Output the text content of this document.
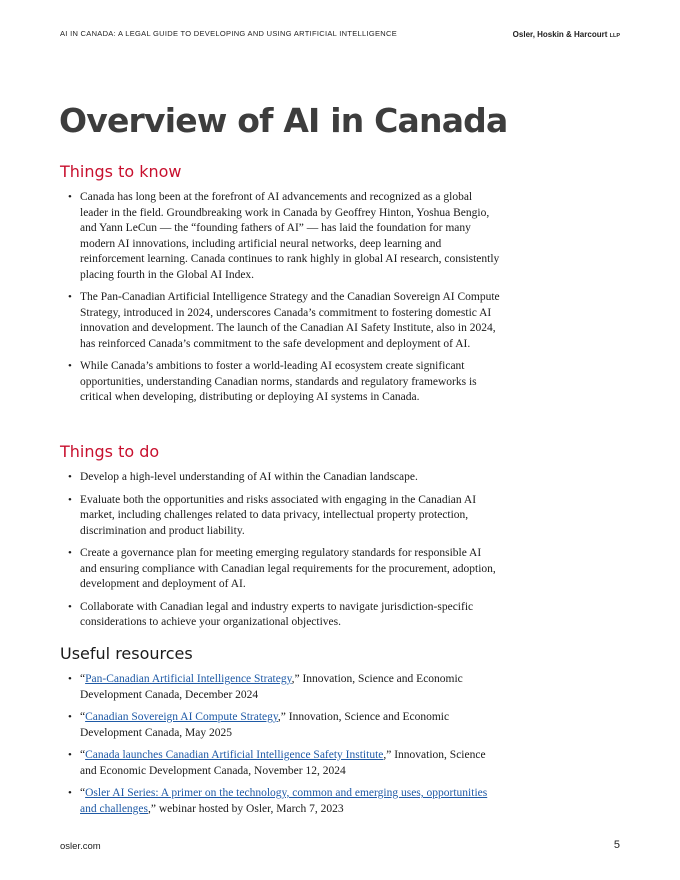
AI IN CANADA: A LEGAL GUIDE TO DEVELOPING AND USING ARTIFICIAL INTELLIGENCE	Osler, Hoskin & Harcourt LLP
Overview of AI in Canada
Things to know
• Canada has long been at the forefront of AI advancements and recognized as a global leader in the field. Groundbreaking work in Canada by Geoffrey Hinton, Yoshua Bengio, and Yann LeCun — the “founding fathers of AI” — has laid the foundation for many modern AI innovations, including artificial neural networks, deep learning and reinforcement learning. Canada continues to rank highly in global AI research, consistently placing fourth in the Global AI Index.
• The Pan-Canadian Artificial Intelligence Strategy and the Canadian Sovereign AI Compute Strategy, introduced in 2024, underscores Canada’s commitment to fostering domestic AI innovation and development. The launch of the Canadian AI Safety Institute, also in 2024, has reinforced Canada’s commitment to the safe development and deployment of AI.
• While Canada’s ambitions to foster a world-leading AI ecosystem create significant opportunities, understanding Canadian norms, standards and regulatory frameworks is critical when developing, distributing or deploying AI systems in Canada.
Things to do
• Develop a high-level understanding of AI within the Canadian landscape.
• Evaluate both the opportunities and risks associated with engaging in the Canadian AI market, including challenges related to data privacy, intellectual property protection, discrimination and product liability.
• Create a governance plan for meeting emerging regulatory standards for responsible AI and ensuring compliance with Canadian legal requirements for the procurement, adoption, development and deployment of AI.
• Collaborate with Canadian legal and industry experts to navigate jurisdiction-specific considerations to achieve your organizational objectives.
Useful resources
• “Pan-Canadian Artificial Intelligence Strategy,” Innovation, Science and Economic Development Canada, December 2024
• “Canadian Sovereign AI Compute Strategy,” Innovation, Science and Economic Development Canada, May 2025
• “Canada launches Canadian Artificial Intelligence Safety Institute,” Innovation, Science and Economic Development Canada, November 12, 2024
• “Osler AI Series: A primer on the technology, common and emerging uses, opportunities and challenges,” webinar hosted by Osler, March 7, 2023
osler.com	5
